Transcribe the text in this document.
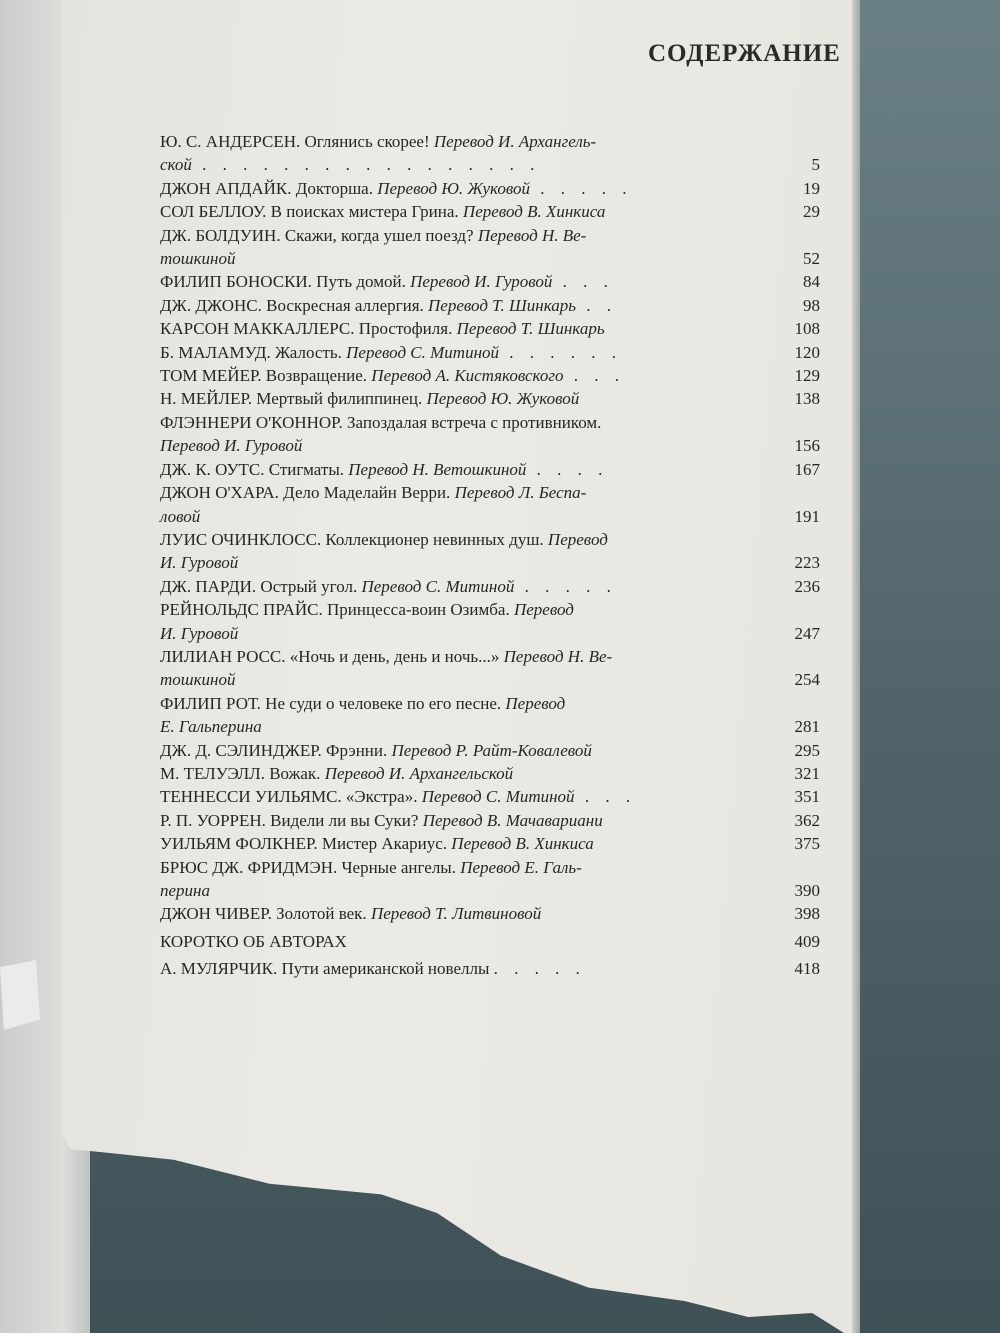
СОДЕРЖАНИЕ
Ю. С. АНДЕРСЕН. Оглянись скорее! Перевод И. Архангель-
ской . . . . . . . . . . . . . . . . .	5
ДЖОН АПДАЙК. Докторша. Перевод Ю. Жуковой . . . . .	19
СОЛ БЕЛЛОУ. В поисках мистера Грина. Перевод В. Хинкиса	29
ДЖ. БОЛДУИН. Скажи, когда ушел поезд? Перевод Н. Ве-
тошкиной	52
ФИЛИП БОНОСКИ. Путь домой. Перевод И. Гуровой . . .	84
ДЖ. ДЖОНС. Воскресная аллергия. Перевод Т. Шинкарь . .	98
КАРСОН МАККАЛЛЕРС. Простофиля. Перевод Т. Шинкарь	108
Б. МАЛАМУД. Жалость. Перевод С. Митиной . . . . . .	120
ТОМ МЕЙЕР. Возвращение. Перевод А. Кистяковского . . .	129
Н. МЕЙЛЕР. Мертвый филиппинец. Перевод Ю. Жуковой	138
ФЛЭННЕРИ О'КОННОР. Запоздалая встреча с противником.
Перевод И. Гуровой	156
ДЖ. К. ОУТС. Стигматы. Перевод Н. Ветошкиной . . . .	167
ДЖОН О'ХАРА. Дело Маделайн Верри. Перевод Л. Беспа-
ловой	191
ЛУИС ОЧИНКЛОСС. Коллекционер невинных душ. Перевод
И. Гуровой	223
ДЖ. ПАРДИ. Острый угол. Перевод С. Митиной . . . . .	236
РЕЙНОЛЬДС ПРАЙС. Принцесса-воин Озимба. Перевод
И. Гуровой	247
ЛИЛИАН РОСС. «Ночь и день, день и ночь...» Перевод Н. Ве-
тошкиной	254
ФИЛИП РОТ. Не суди о человеке по его песне. Перевод
Е. Гальперина	281
ДЖ. Д. СЭЛИНДЖЕР. Фрэнни. Перевод Р. Райт-Ковалевой	295
М. ТЕЛУЭЛЛ. Вожак. Перевод И. Архангельской	321
ТЕННЕССИ УИЛЬЯМС. «Экстра». Перевод С. Митиной . . .	351
Р. П. УОРРЕН. Видели ли вы Суки? Перевод В. Мачавариани	362
УИЛЬЯМ ФОЛКНЕР. Мистер Акариус. Перевод В. Хинкиса	375
БРЮС ДЖ. ФРИДМЭН. Черные ангелы. Перевод Е. Галь-
перина	390
ДЖОН ЧИВЕР. Золотой век. Перевод Т. Литвиновой	398
КОРОТКО ОБ АВТОРАХ	409
А. МУЛЯРЧИК. Пути американской новеллы . . . . .	418
